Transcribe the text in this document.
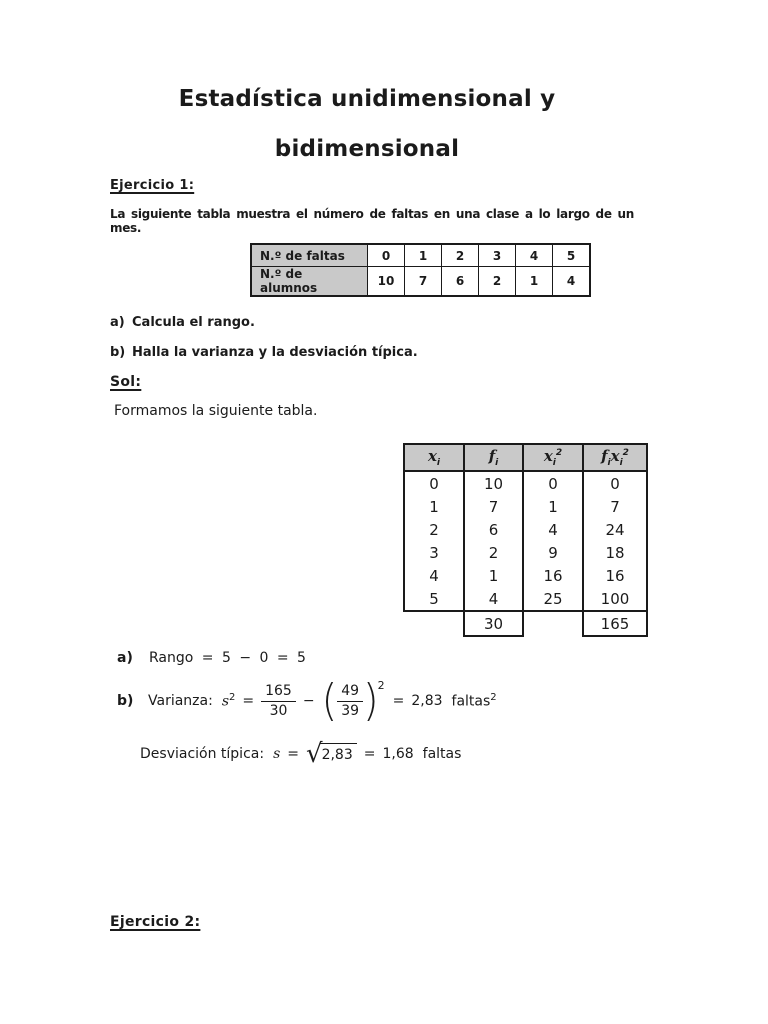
Estadística unidimensional y
bidimensional
Ejercicio 1:
La siguiente tabla muestra el número de faltas en una clase a lo largo de un mes.
N.º de faltas	0	1	2	3	4	5
N.º de alumnos	10	7	6	2	1	4
a) Calcula el rango.
b) Halla la varianza y la desviación típica.
Sol:
Formamos la siguiente tabla.
$x_i$	$f_i$	$x_i^2$	$f_ix_i^2$
0	10	0	0
1	7	1	7
2	6	4	24
3	2	9	18
4	1	16	16
5	4	25	100
	30		165
a)	Rango = 5 − 0 = 5
b)	Varianza: $s^2 = \frac{165}{30}$ − ( $\frac{49}{39}$ ) 2
= 2,83 faltas$^2$
Desviación típica: s = √ 2,83 = 1,68 faltas
Ejercicio 2:
